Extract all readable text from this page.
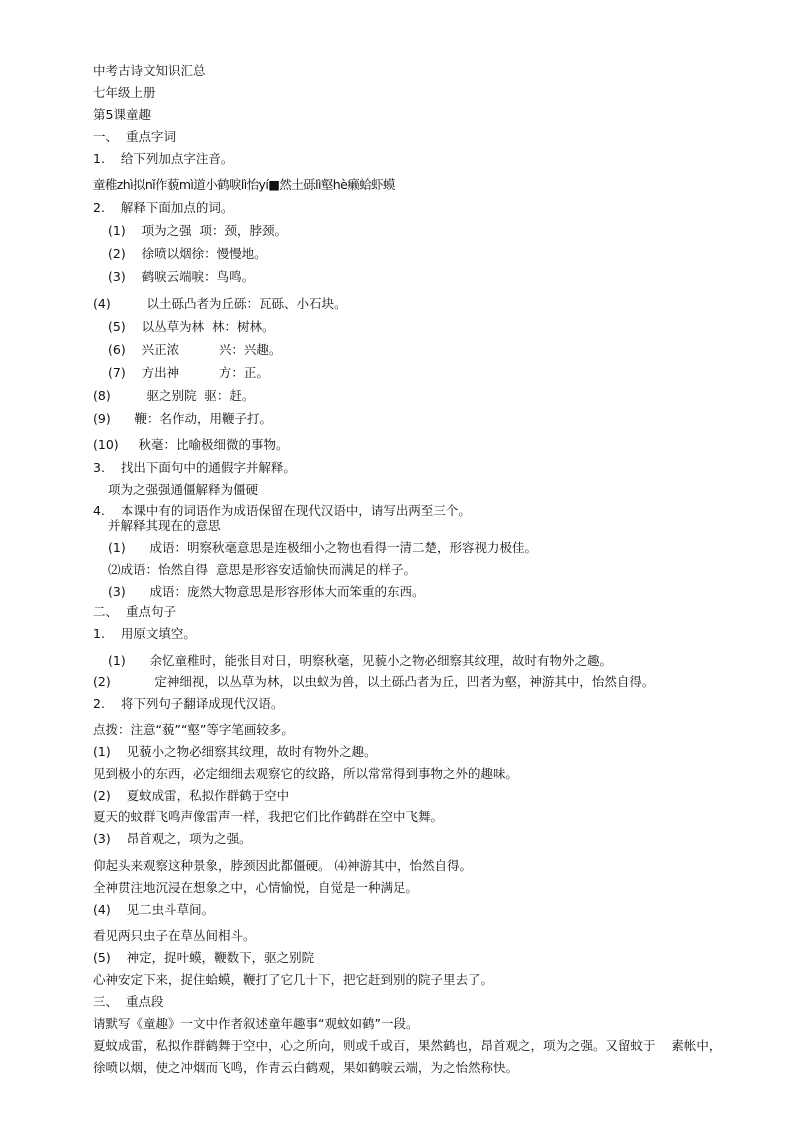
中考古诗文知识汇总
七年级上册
第5课童趣
一、  重点字词
1.    给下列加点字注音。
童稚zhì拟nǐ作藐mì道小鹤唳lì怡yí■然土砾lì壑hè癞蛤虾蟆
2.    解释下面加点的词。
(1)    项为之强  项：颈，脖颈。
(2)    徐喷以烟徐：慢慢地。
(3)    鹤唳云端唳：鸟鸣。
(4)         以土砾凸者为丘砾：瓦砾、小石块。
(5)    以丛草为林  林：树林。
(6)    兴正浓          兴：兴趣。
(7)    方出神          方：正。
(8)         驱之别院  驱：赶。
(9)      鞭：名作动，用鞭子打。
(10)     秋毫：比喻极细微的事物。
3.    找出下面句中的通假字并解释。
项为之强强通僵解释为僵硬
4.    本课中有的词语作为成语保留在现代汉语中，请写出两至三个。
并解释其现在的意思
(1)      成语：明察秋毫意思是连极细小之物也看得一清二楚，形容视力极佳。
⑵成语：怡然自得  意思是形容安适愉快而满足的样子。
(3)      成语：庞然大物意思是形容形体大而笨重的东西。
二、  重点句子
1.    用原文填空。
(1)      余忆童稚时，能张目对日，明察秋毫，见藐小之物必细察其纹理，故时有物外之趣。
(2)           定神细视，以丛草为林，以虫蚁为兽，以土砾凸者为丘，凹者为壑，神游其中，怡然自得。
2.    将下列句子翻译成现代汉语。
点拨：注意“藐”“壑”等字笔画较多。
(1)    见藐小之物必细察其纹理，故时有物外之趣。
见到极小的东西，必定细细去观察它的纹路，所以常常得到事物之外的趣味。
(2)    夏蚊成雷，私拟作群鹤于空中
夏天的蚊群飞鸣声像雷声一样，我把它们比作鹤群在空中飞舞。
(3)    昂首观之，项为之强。
仰起头来观察这种景象，脖颈因此都僵硬。 ⑷神游其中，怡然自得。
全神贯注地沉浸在想象之中，心情愉悦，自觉是一种满足。
(4)    见二虫斗草间。
看见两只虫子在草丛间相斗。
(5)    神定，捉叶蟆，鞭数下，驱之别院
心神安定下来，捉住蛤蟆，鞭打了它几十下，把它赶到别的院子里去了。
三、  重点段
请默写《童趣》一文中作者叙述童年趣事“观蚊如鹤”一段。
夏蚊成雷，私拟作群鹤舞于空中，心之所向，则或千或百，果然鹤也，昂首观之，项为之强。又留蚊于    素帐中，
徐喷以烟，使之冲烟而飞鸣，作青云白鹤观，果如鹤唳云端，为之怡然称快。
